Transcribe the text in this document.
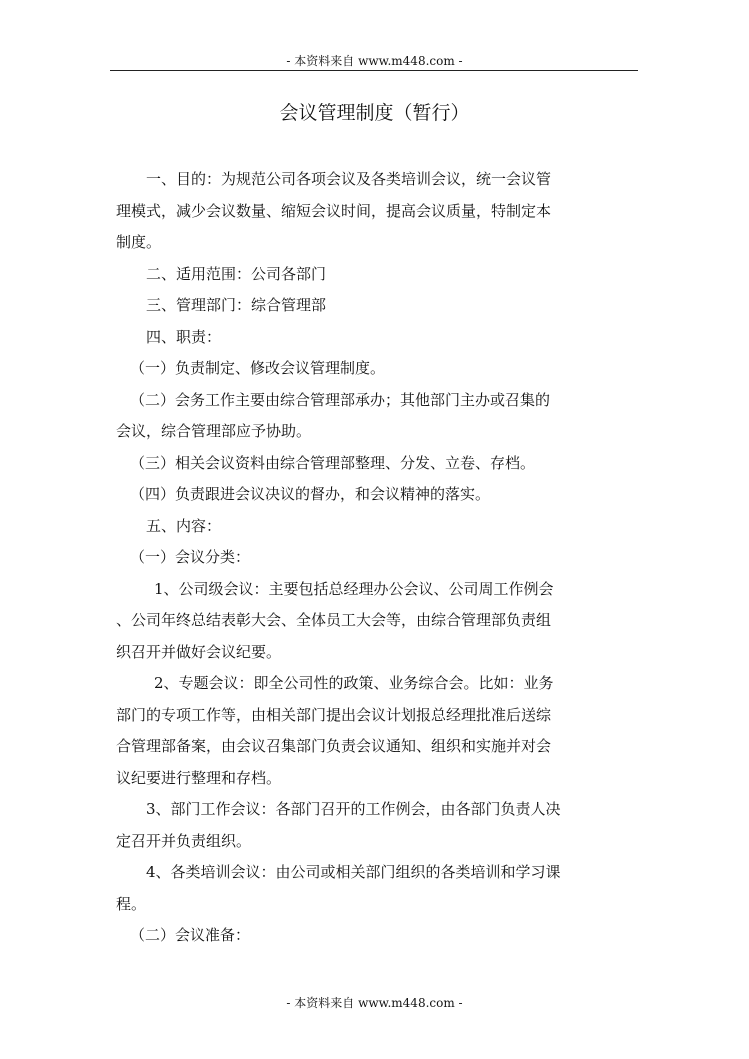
- 本资料来自 www.m448.com -
会议管理制度（暂行）

一、目的：为规范公司各项会议及各类培训会议，统一会议管

理模式，减少会议数量、缩短会议时间，提高会议质量，特制定本

制度。

二、适用范围：公司各部门

三、管理部门：综合管理部

四、职责：

（一）负责制定、修改会议管理制度。

（二）会务工作主要由综合管理部承办；其他部门主办或召集的

会议，综合管理部应予协助。

（三）相关会议资料由综合管理部整理、分发、立卷、存档。

（四）负责跟进会议决议的督办，和会议精神的落实。

五、内容：

（一）会议分类：

1、公司级会议：主要包括总经理办公会议、公司周工作例会

、公司年终总结表彰大会、全体员工大会等，由综合管理部负责组

织召开并做好会议纪要。

2、专题会议：即全公司性的政策、业务综合会。比如：业务

部门的专项工作等，由相关部门提出会议计划报总经理批准后送综

合管理部备案，由会议召集部门负责会议通知、组织和实施并对会

议纪要进行整理和存档。

3、部门工作会议：各部门召开的工作例会，由各部门负责人决

定召开并负责组织。

4、各类培训会议：由公司或相关部门组织的各类培训和学习课

程。

（二）会议准备：

- 本资料来自 www.m448.com -
